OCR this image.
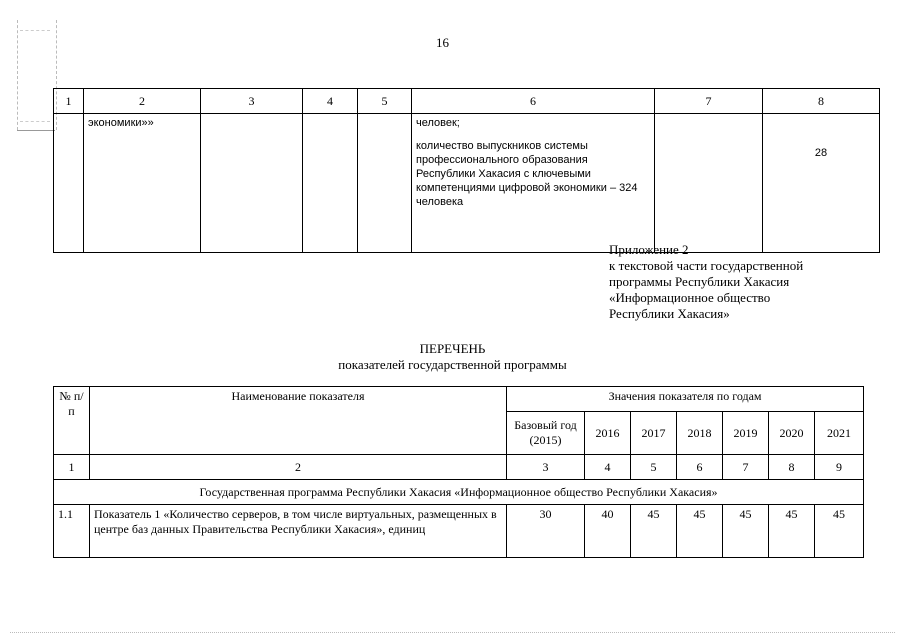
16
1	2	3	4	5	6	7	8
	экономики»»				человек;
количество выпускников системы профессионального образования Республики Хакасия с ключевыми компетенциями цифровой экономики – 324 человека		28
Приложение 2
к текстовой части государственной
программы Республики Хакасия
«Информационное общество
Республики Хакасия»
ПЕРЕЧЕНЬ
показателей государственной программы
№ п/п	Наименование показателя	Значения показателя по годам						
		Базовый год (2015)	2016	2017	2018	2019	2020	2021
1	2	3	4	5	6	7	8	9
Государственная программа Республики Хакасия «Информационное общество Республики Хакасия»								
1.1	Показатель 1 «Количество серверов, в том числе виртуальных, размещенных в центре баз данных Правительства Республики Хакасия», единиц	30	40	45	45	45	45	45
